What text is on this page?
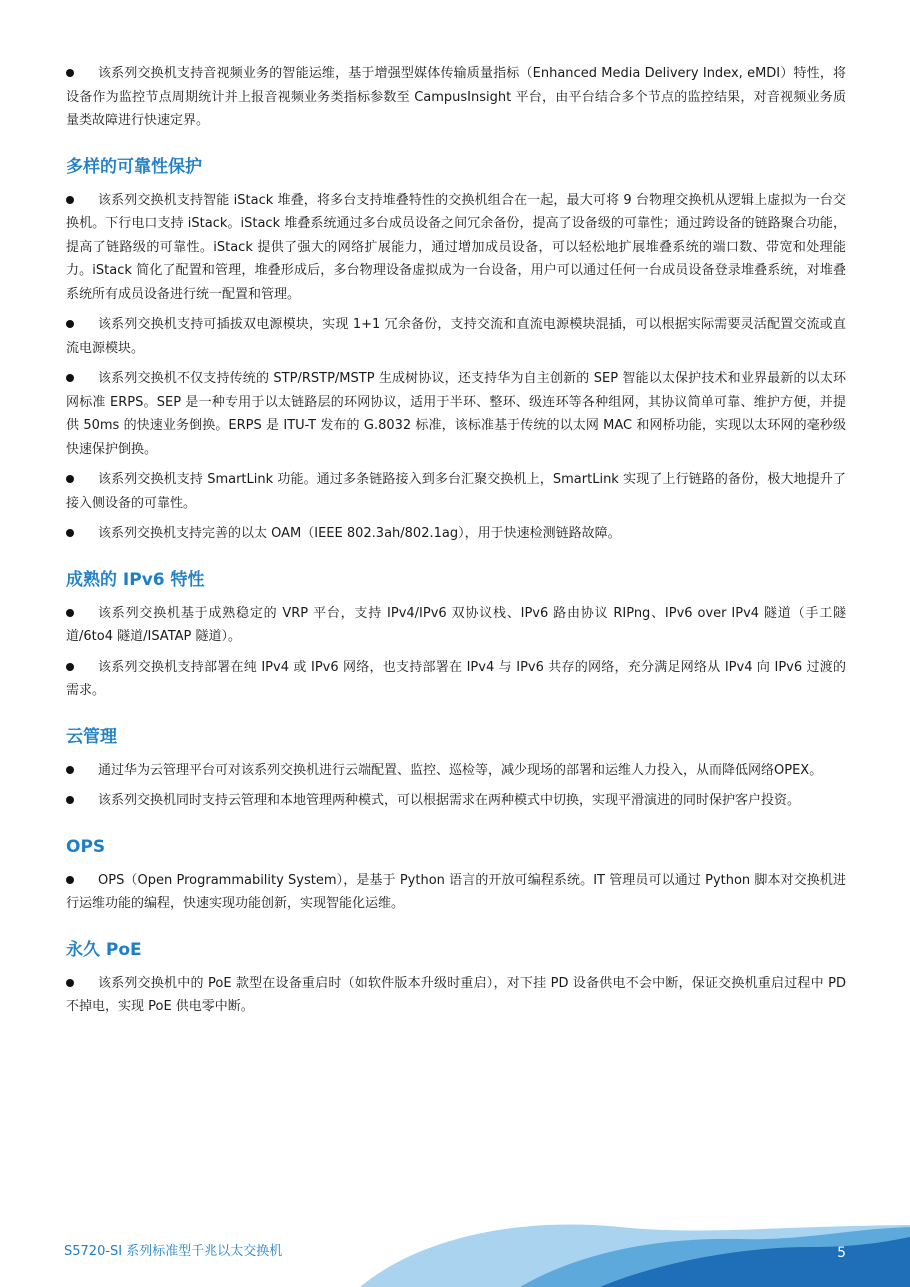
该系列交换机支持音视频业务的智能运维，基于增强型媒体传输质量指标（Enhanced Media Delivery Index, eMDI）特性，将设备作为监控节点周期统计并上报音视频业务类指标参数至 CampusInsight 平台，由平台结合多个节点的监控结果，对音视频业务质量类故障进行快速定界。

多样的可靠性保护

该系列交换机支持智能 iStack 堆叠，将多台支持堆叠特性的交换机组合在一起，最大可将 9 台物理交换机从逻辑上虚拟为一台交换机。下行电口支持 iStack。iStack 堆叠系统通过多台成员设备之间冗余备份，提高了设备级的可靠性；通过跨设备的链路聚合功能，提高了链路级的可靠性。iStack 提供了强大的网络扩展能力，通过增加成员设备，可以轻松地扩展堆叠系统的端口数、带宽和处理能力。iStack 简化了配置和管理，堆叠形成后，多台物理设备虚拟成为一台设备，用户可以通过任何一台成员设备登录堆叠系统，对堆叠系统所有成员设备进行统一配置和管理。

该系列交换机支持可插拔双电源模块，实现 1+1 冗余备份，支持交流和直流电源模块混插，可以根据实际需要灵活配置交流或直流电源模块。

该系列交换机不仅支持传统的 STP/RSTP/MSTP 生成树协议，还支持华为自主创新的 SEP 智能以太保护技术和业界最新的以太环网标准 ERPS。SEP 是一种专用于以太链路层的环网协议，适用于半环、整环、级连环等各种组网，其协议简单可靠、维护方便，并提供 50ms 的快速业务倒换。ERPS 是 ITU-T 发布的 G.8032 标准，该标准基于传统的以太网 MAC 和网桥功能，实现以太环网的毫秒级快速保护倒换。

该系列交换机支持 SmartLink 功能。通过多条链路接入到多台汇聚交换机上，SmartLink 实现了上行链路的备份，极大地提升了接入侧设备的可靠性。

该系列交换机支持完善的以太 OAM（IEEE 802.3ah/802.1ag），用于快速检测链路故障。

成熟的 IPv6 特性

该系列交换机基于成熟稳定的 VRP 平台，支持 IPv4/IPv6 双协议栈、IPv6 路由协议 RIPng、IPv6 over IPv4 隧道（手工隧道/6to4 隧道/ISATAP 隧道）。

该系列交换机支持部署在纯 IPv4 或 IPv6 网络，也支持部署在 IPv4 与 IPv6 共存的网络，充分满足网络从 IPv4 向 IPv6 过渡的需求。

云管理

通过华为云管理平台可对该系列交换机进行云端配置、监控、巡检等，减少现场的部署和运维人力投入，从而降低网络OPEX。

该系列交换机同时支持云管理和本地管理两种模式，可以根据需求在两种模式中切换，实现平滑演进的同时保护客户投资。

OPS

OPS（Open Programmability System），是基于 Python 语言的开放可编程系统。IT 管理员可以通过 Python 脚本对交换机进行运维功能的编程，快速实现功能创新，实现智能化运维。

永久 PoE

该系列交换机中的 PoE 款型在设备重启时（如软件版本升级时重启），对下挂 PD 设备供电不会中断，保证交换机重启过程中 PD 不掉电，实现 PoE 供电零中断。

S5720-SI 系列标准型千兆以太交换机	5
